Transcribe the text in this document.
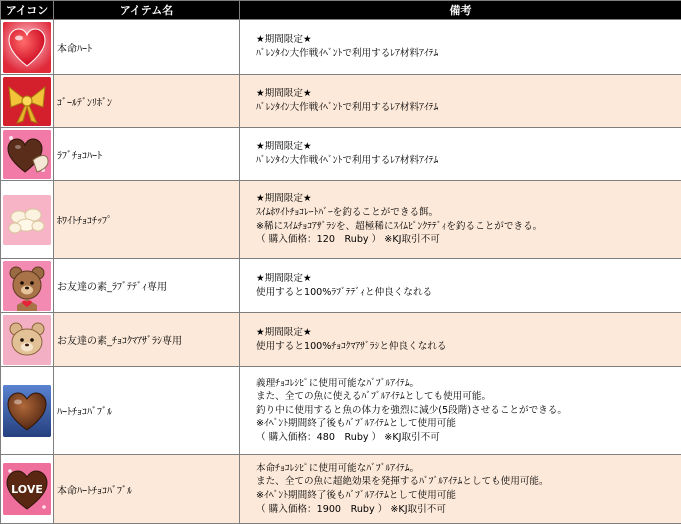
アイコン	アイテム名	備考

	本命ﾊｰﾄ	★期間限定★
ﾊﾞﾚﾝﾀｲﾝ大作戦ｲﾍﾞﾝﾄで利用するﾚｱ材料ｱｲﾃﾑ

	ｺﾞｰﾙﾃﾞﾝﾘﾎﾞﾝ	★期間限定★
ﾊﾞﾚﾝﾀｲﾝ大作戦ｲﾍﾞﾝﾄで利用するﾚｱ材料ｱｲﾃﾑ

	ﾗﾌﾞﾁｮｺﾊｰﾄ	★期間限定★
ﾊﾞﾚﾝﾀｲﾝ大作戦ｲﾍﾞﾝﾄで利用するﾚｱ材料ｱｲﾃﾑ

	ﾎﾜｲﾄﾁｮｺﾁｯﾌﾟ	★期間限定★
ｽｲﾑﾎﾜｲﾄﾁｮｺﾚｰﾄﾊﾞｰを釣ることができる餌。
※稀にｽｲﾑﾁｮｺｱｻﾞﾗｼを、超極稀にｽｲﾑﾋﾟﾝｸﾃﾃﾞｨを釣ることができる。
（ 購入価格：120　Ruby ） ※KJ取引不可

	お友達の素_ﾗﾌﾞﾃﾃﾞｨ専用	★期間限定★
使用すると100%ﾗﾌﾞﾃﾃﾞｨと仲良くなれる

	お友達の素_ﾁｮｺｸﾏｱｻﾞﾗｼ専用	★期間限定★
使用すると100%ﾁｮｺｸﾏｱｻﾞﾗｼと仲良くなれる

	ﾊｰﾄﾁｮｺﾊﾞﾌﾞﾙ	義理ﾁｮｺﾚｼﾋﾟに使用可能なﾊﾞﾌﾞﾙｱｲﾃﾑ。
また、全ての魚に使えるﾊﾞﾌﾞﾙｱｲﾃﾑとしても使用可能。
釣り中に使用すると魚の体力を強烈に減少(5段階)させることができる。
※ｲﾍﾞﾝﾄ期間終了後もﾊﾞﾌﾞﾙｱｲﾃﾑとして使用可能
（ 購入価格：480　Ruby ） ※KJ取引不可

LOVE	本命ﾊｰﾄﾁｮｺﾊﾞﾌﾞﾙ	本命ﾁｮｺﾚｼﾋﾟに使用可能なﾊﾞﾌﾞﾙｱｲﾃﾑ。
また、全ての魚に超絶効果を発揮するﾊﾞﾌﾞﾙｱｲﾃﾑとしても使用可能。
※ｲﾍﾞﾝﾄ期間終了後もﾊﾞﾌﾞﾙｱｲﾃﾑとして使用可能
（ 購入価格：1900　Ruby ） ※KJ取引不可
